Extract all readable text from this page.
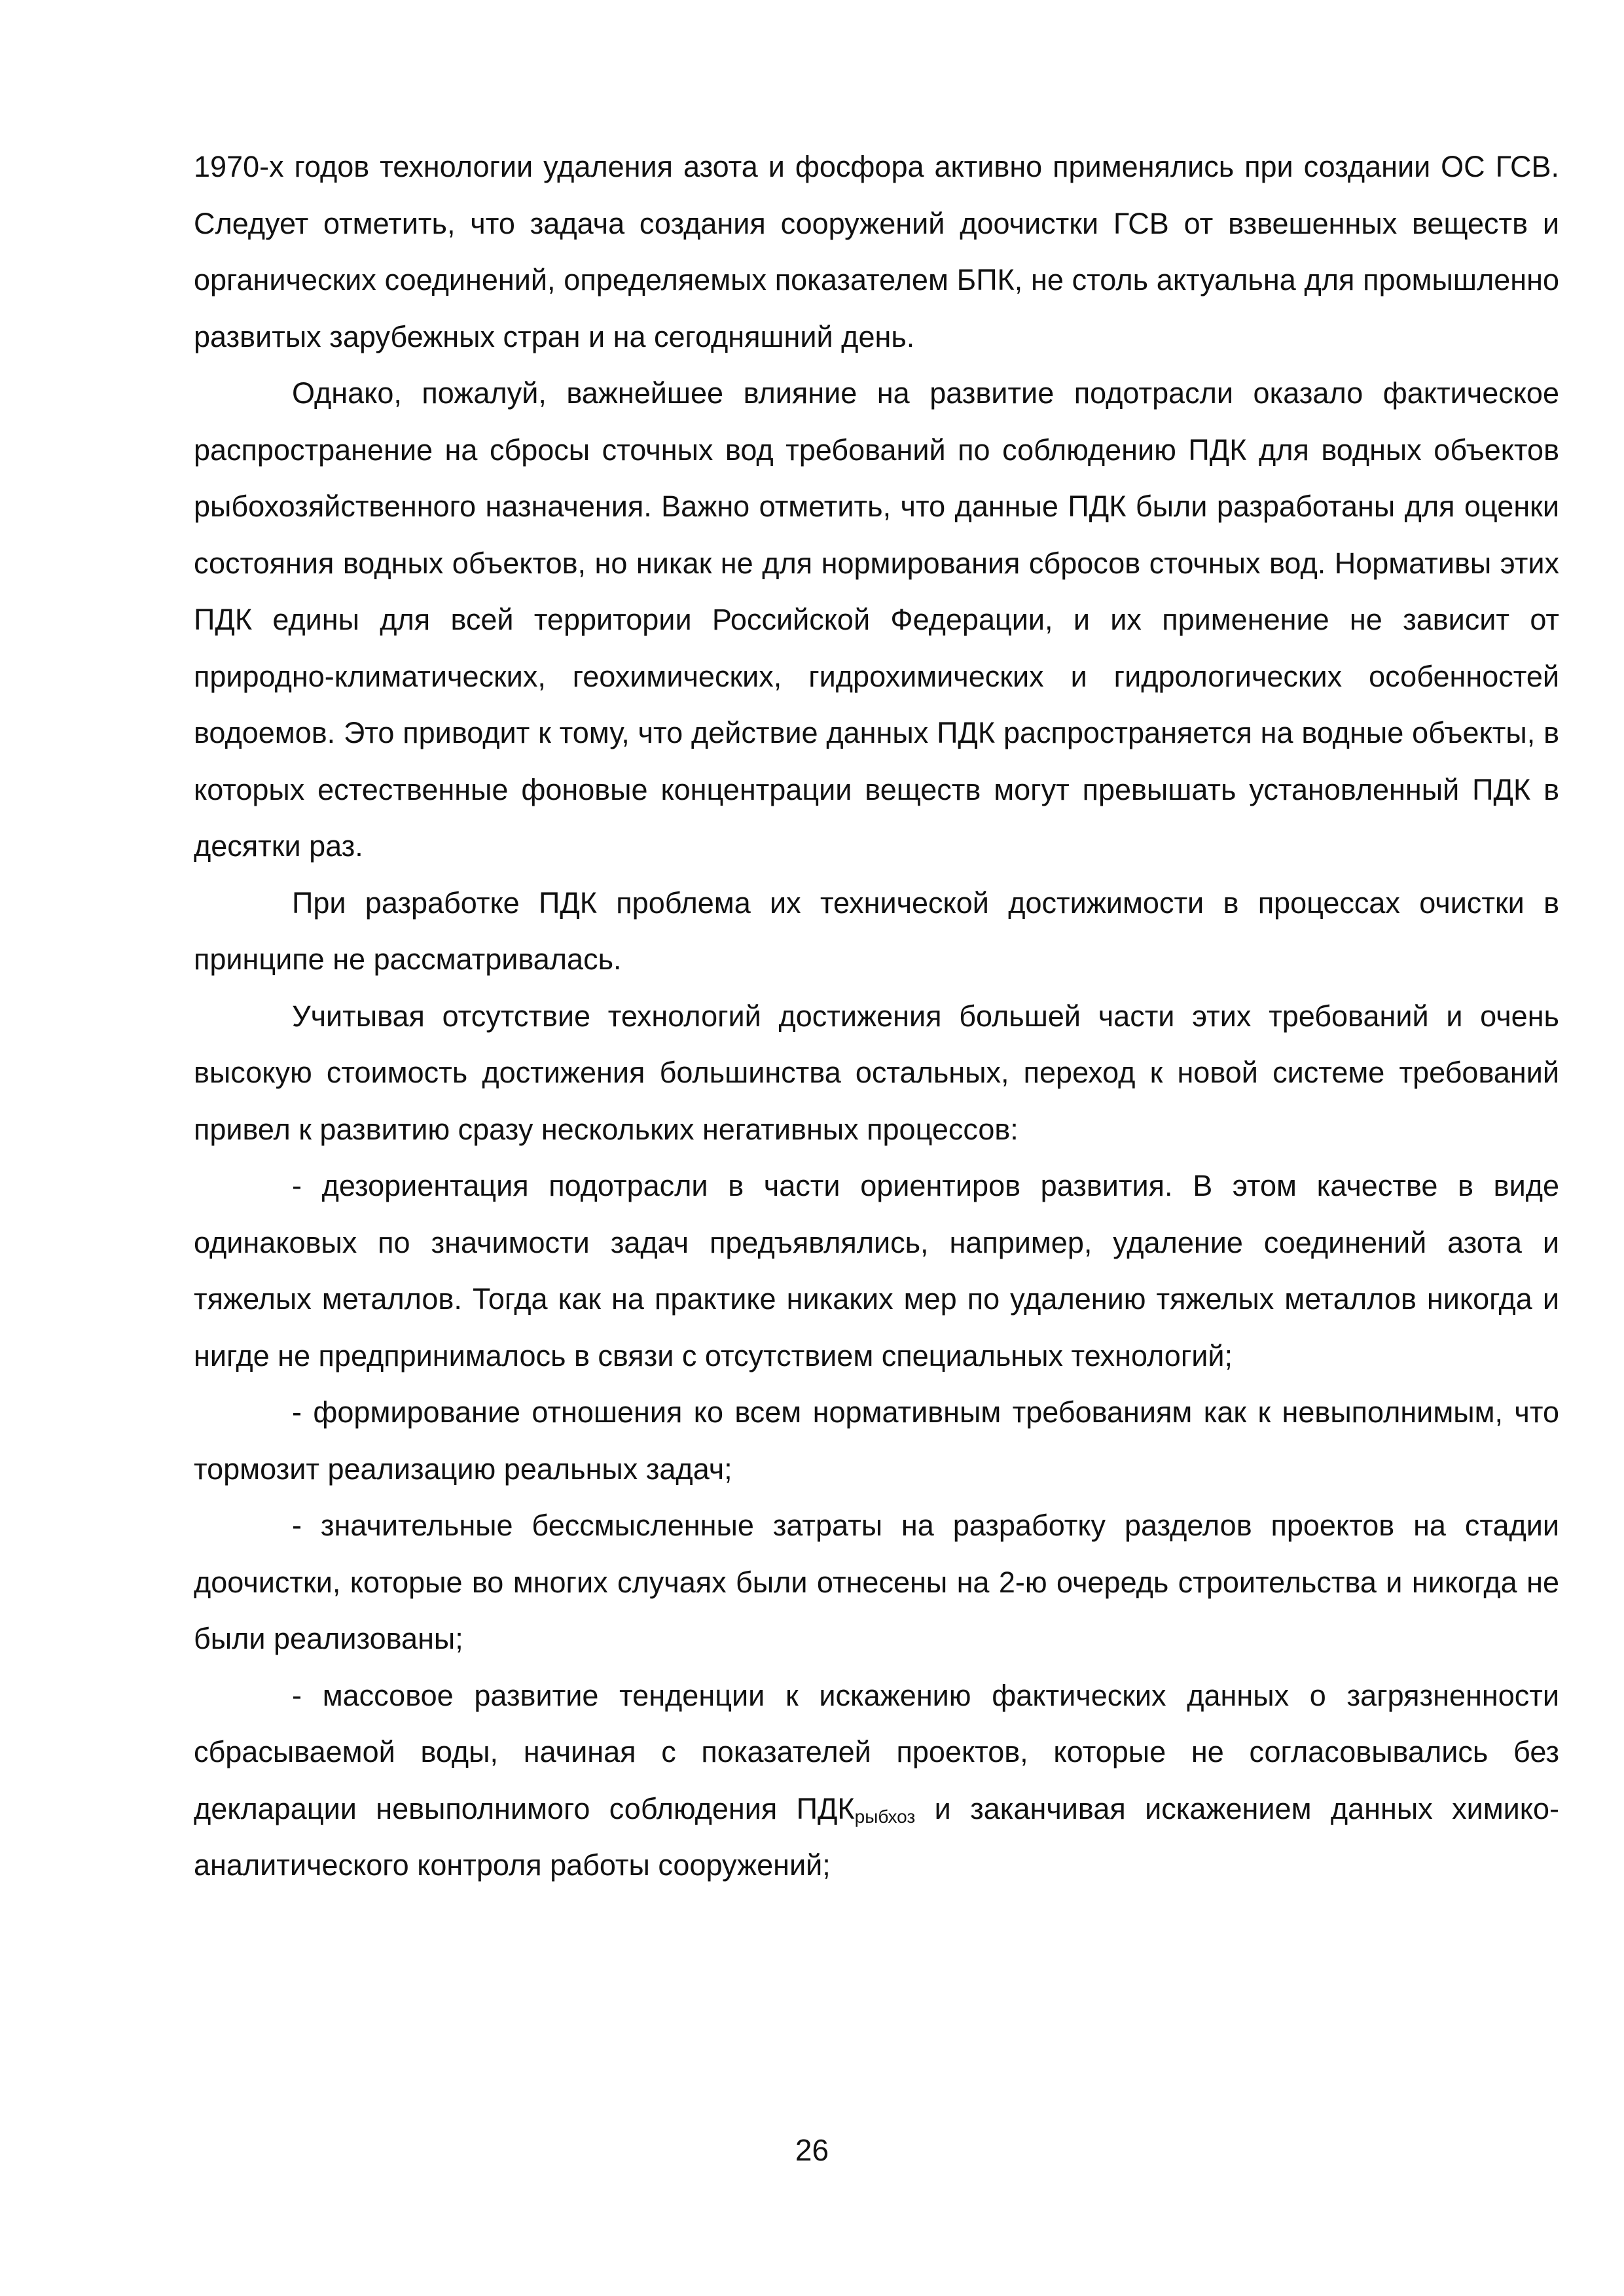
1970-х годов технологии удаления азота и фосфора активно применялись при создании ОС ГСВ. Следует отметить, что задача создания сооружений доочистки ГСВ от взвешенных веществ и органических соединений, определяемых показателем БПК, не столь актуальна для промышленно развитых зарубежных стран и на сегодняшний день.

Однако, пожалуй, важнейшее влияние на развитие подотрасли оказало фактическое распространение на сбросы сточных вод требований по соблюдению ПДК для водных объектов рыбохозяйственного назначения. Важно отметить, что данные ПДК были разработаны для оценки состояния водных объектов, но никак не для нормирования сбросов сточных вод. Нормативы этих ПДК едины для всей территории Российской Федерации, и их применение не зависит от природно-климатических, геохимических, гидрохимических и гидрологических особенностей водоемов. Это приводит к тому, что действие данных ПДК распространяется на водные объекты, в которых естественные фоновые концентрации веществ могут превышать установленный ПДК в десятки раз.

При разработке ПДК проблема их технической достижимости в процессах очистки в принципе не рассматривалась.

Учитывая отсутствие технологий достижения большей части этих требований и очень высокую стоимость достижения большинства остальных, переход к новой системе требований привел к развитию сразу нескольких негативных процессов:

- дезориентация подотрасли в части ориентиров развития. В этом качестве в виде одинаковых по значимости задач предъявлялись, например, удаление соединений азота и тяжелых металлов. Тогда как на практике никаких мер по удалению тяжелых металлов никогда и нигде не предпринималось в связи с отсутствием специальных технологий;

- формирование отношения ко всем нормативным требованиям как к невыполнимым, что тормозит реализацию реальных задач;

- значительные бессмысленные затраты на разработку разделов проектов на стадии доочистки, которые во многих случаях были отнесены на 2-ю очередь строительства и никогда не были реализованы;

- массовое развитие тенденции к искажению фактических данных о загрязненности сбрасываемой воды, начиная с показателей проектов, которые не согласовывались без декларации невыполнимого соблюдения $ПДК_{рыбхоз}$ и заканчивая искажением данных химико-аналитического контроля работы сооружений;

26
